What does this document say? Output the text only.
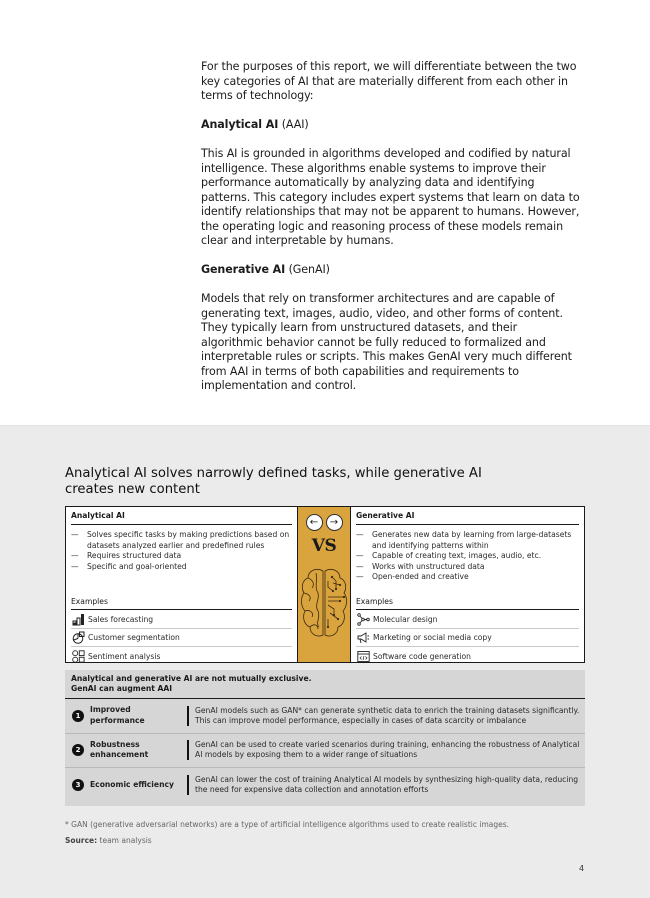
For the purposes of this report, we will differentiate between the two key categories of AI that are materially different from each other in terms of technology:

Analytical AI (AAI)

This AI is grounded in algorithms developed and codified by natural intelligence. These algorithms enable systems to improve their performance automatically by analyzing data and identifying patterns. This category includes expert systems that learn on data to identify relationships that may not be apparent to humans. However, the operating logic and reasoning process of these models remain clear and interpretable by humans.

Generative AI (GenAI)

Models that rely on transformer architectures and are capable of generating text, images, audio, video, and other forms of content. They typically learn from unstructured datasets, and their algorithmic behavior cannot be fully reduced to formalized and interpretable rules or scripts. This makes GenAI very much different from AAI in terms of both capabilities and requirements to implementation and control.

Analytical AI solves narrowly defined tasks, while generative AI creates new content
Analytical AI
— Solves specific tasks by making predictions based on datasets analyzed earlier and predefined rules
— Requires structured data
— Specific and goal-oriented
Examples
Sales forecasting
Customer segmentation
Sentiment analysis
←	→
VS
Generative AI
— Generates new data by learning from large-datasets and identifying patterns within
— Capable of creating text, images, audio, etc.
— Works with unstructured data
— Open-ended and creative
Examples
Molecular design
Marketing or social media copy
Software code generation
Analytical and generative AI are not mutually exclusive.
GenAI can augment AAI
1
Improved performance
GenAI models such as GAN* can generate synthetic data to enrich the training datasets significantly. This can improve model performance, especially in cases of data scarcity or imbalance
2
Robustness enhancement
GenAI can be used to create varied scenarios during training, enhancing the robustness of Analytical AI models by exposing them to a wider range of situations
3	Economic efficiency
GenAI can lower the cost of training Analytical AI models by synthesizing high-quality data, reducing the need for expensive data collection and annotation efforts
* GAN (generative adversarial networks) are a type of artificial intelligence algorithms used to create realistic images.
Source: team analysis
4
